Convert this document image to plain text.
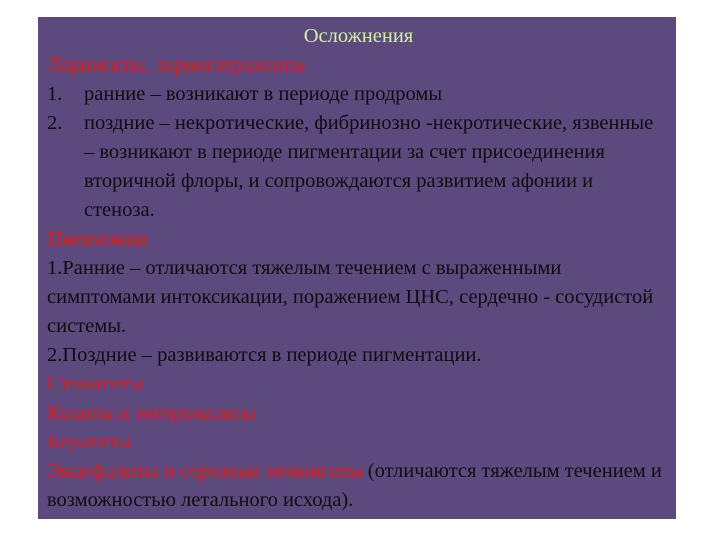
Осложнения

Ларингиты, ларинготрахеиты

1. ранние – возникают в периоде продромы
2. поздние – некротические, фибринозно -некротические, язвенные – возникают в периоде пигментации за счет присоединения вторичной флоры, и сопровождаются развитием афонии и стеноза.

Пневмонии

1.Ранние – отличаются тяжелым течением с выраженными симптомами интоксикации, поражением ЦНС, сердечно - сосудистой системы.

2.Поздние – развиваются в периоде пигментации.

Стоматиты

Колиты и энтероколиты

Кератиты

Энцефалиты и серозные менингиты (отличаются тяжелым течением и возможностью летального исхода).
